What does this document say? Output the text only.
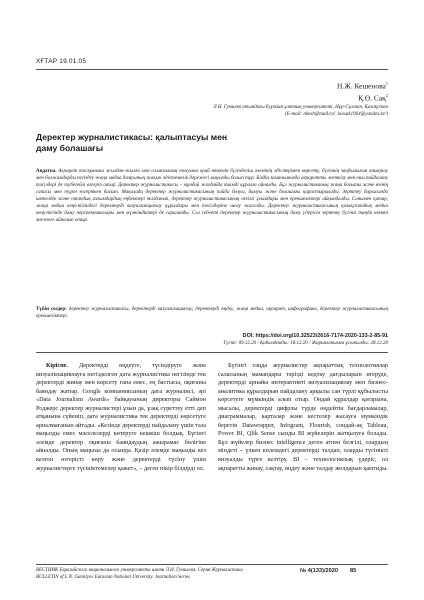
ХҒТАР 19.01.05
Н.Ж. Кешенова$^1$
Қ.Ө. Сақ$^2$
Л.Н. Гумилев атындағы Еуразия ұлттық университеті, Нұр-Сұлтан, Қазақстан
(E-mail: nkesh@mail.ru¹, kiosak1964@yandex.kz²)
Деректер журналистикасы: қалыптасуы мен
даму болашағы
Аңдатпа. Ақпарат тасқынына жылдан-жылға мән салмағының толуына орай өткенін бүгіндегіш әлемінің әдістерімен көрсету, бүгіннің заңдылығын анықтау мен болжамдарды негіздеу жаңа медиа дамуының жақын әдістемелік дәрежесі маңызды болып тұр. Біздің заманымызда ақпаратты жеткізу мен оны пайдалану тәсілдері де түбегейлі өзгеріп отыр. Деректер журналистикасы – мұндай жағдайда тиімді құралға айналды. Бұл журналистиканың жаңа бағыты және өзінің сапасы мен түрін өзгерткен бағыт. Мақалада деректер журналистикасының пайда болуы, дамуы және болашағы қарастырылады. Зерттеу барысында шетелдік және отандық ғалымдардың еңбектері талданып, деректер журналистикасының негізгі ұғымдары мен ерекшеліктері айқындалды. Сонымен қатар, жаңа медиа кеңістігіндегі деректерді визуализациялау құралдары мен тәсілдеріне шолу жасалды. Деректер журналистикасының қазақстандық медиа кеңістігінде даму перспективалары мен мүмкіндіктері де сараланды. Сол себепті деректер журналистикасының даму үдерісін зерттеу бүгінгі таңда өзекті мәселеге айналып отыр.
Түйін сөздер: деректер журналистикасы, деректерді визуализациялау, деректерді өңдеу, жаңа медиа, ақпарат, инфографика, деректер журналистикасының ерекшеліктері.
DOI: https://doi.org/10.32523/2616-7174-2020-133-2-85-91
Түсті: 09.12.20 / Қабылданды: 18.12.20 / Жарияланымға ұсынылды: 28.12.20

Кіріспе. Деректерді өңдеуге, түсіндіруге және визуализациялауға негізделген дата журналистика негізінде тек деректерді жинау мен көрсету ғана емес, ең бастысы, оқиғаны баяндау жатыр. Google компаниясының дата журналисі, әрі «Data Journalism Awards» байқауының директоры Саймон Роджерс деректер журналистері ұзын да, ұзақ суреттеу етті деп атқанына сүйеніп, дата журналистика тек деректерді көрсетуге арналмағанын айтады. «Кезінде деректерді пайдалану үшін таза маңызды емес мәселелерді көтеруге кешкіш болдық. Бүгінгі әлемде деректер оқиғаны баяндаудың ажырамас бөлігіне айналды. Оның маңызы да осында. Қазір әлемде маңызды кез келген өзгерісті көру және деректерді түсіну үшін журналистерге түсініктемелер қажет», – деген пікір білдірді ол.

Бүгінгі таңда журналистер ақпараттық технологиялар саласының мамандары тәрізді кодтау дағдыларын игеруде, деректерді арнайы интерактивті визуализациялау мен бизнес-аналитика құралдарын пайдалану арқылы сан түрлі құбылысты көрсетуге мүмкіндік алып отыр. Ондай құралдар қатарына, мысалы, деректерді цифрлы түрде өңдейтін бағдарламалар, диаграммалар, карталар және кестелер жасауға мүмкіндік беретін Datawrapper, Infogram, Flourish, сондай-ақ Tableau, Power BI, Qlik Sense сынды BI жүйелерін жатқызуға болады. Бұл жүйелер бизнес intelligence деген атпен белгілі, олардың міндеті – үлкен көлемдегі деректерді талдап, оларды түсінікті визуалды түрге келтіру. BI – технологиялық үдеріс, ол ақпаратты жинау, сақтау, өңдеу және талдау жолдарын қамтиды.

ВЕСТНИК Евразийского национального университета имени Л.Н. Гумилева. Серия Журналистика
BULLETIN of L.N. Gumilyov Eurasian National University. Journalism Series
№ 4(133)/2020 85
